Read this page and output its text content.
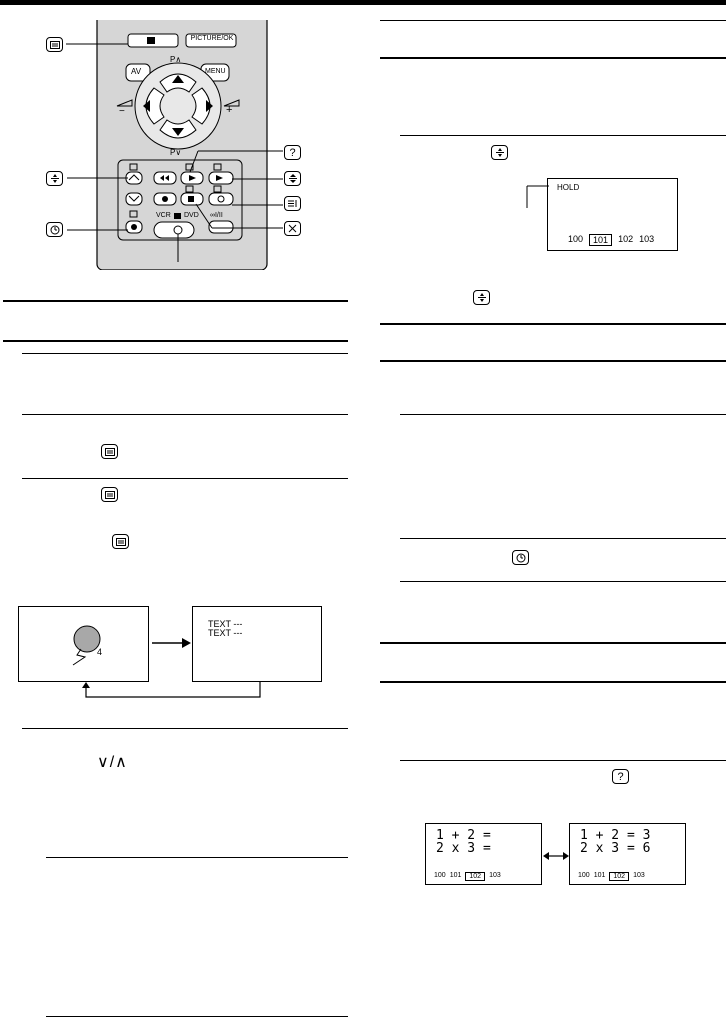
PICTURE/OK
AV	MENU
P∧
P∨
−	+
VCR DVD ∞I/II
?
4
TEXT ---
TEXT ---
∨/∧
HOLD
100	101	102 103
?
1 + 2 =
2 x 3 =
100 101	102	103
1 + 2 = 3
2 x 3 = 6
100 101	102	103
